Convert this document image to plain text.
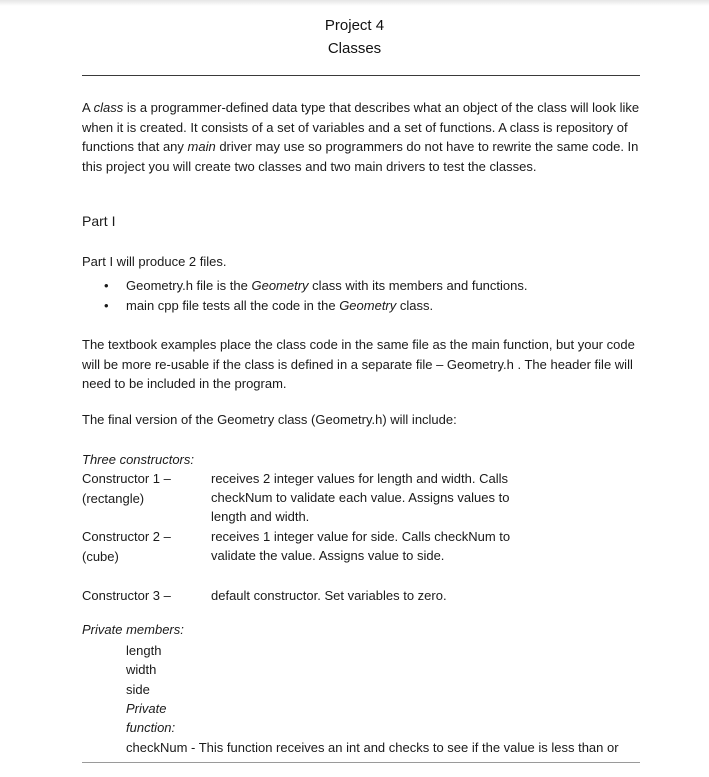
Project 4
Classes
A class is a programmer-defined data type that describes what an object of the class will look like when it is created. It consists of a set of variables and a set of functions. A class is repository of functions that any main driver may use so programmers do not have to rewrite the same code. In this project you will create two classes and two main drivers to test the classes.
Part I
Part I will produce 2 files.
• Geometry.h file is the Geometry class with its members and functions.
• main cpp file tests all the code in the Geometry class.
The textbook examples place the class code in the same file as the main function, but your code will be more re-usable if the class is defined in a separate file – Geometry.h . The header file will need to be included in the program.
The final version of the Geometry class (Geometry.h) will include:
Three constructors:
Constructor 1 –
(rectangle)
receives 2 integer values for length and width. Calls checkNum to validate each value. Assigns values to length and width.
Constructor 2 –
(cube)
receives 1 integer value for side. Calls checkNum to validate the value. Assigns value to side.
Constructor 3 –	default constructor. Set variables to zero.
Private members:
length
width
side
Private
function:
checkNum - This function receives an int and checks to see if the value is less than or
